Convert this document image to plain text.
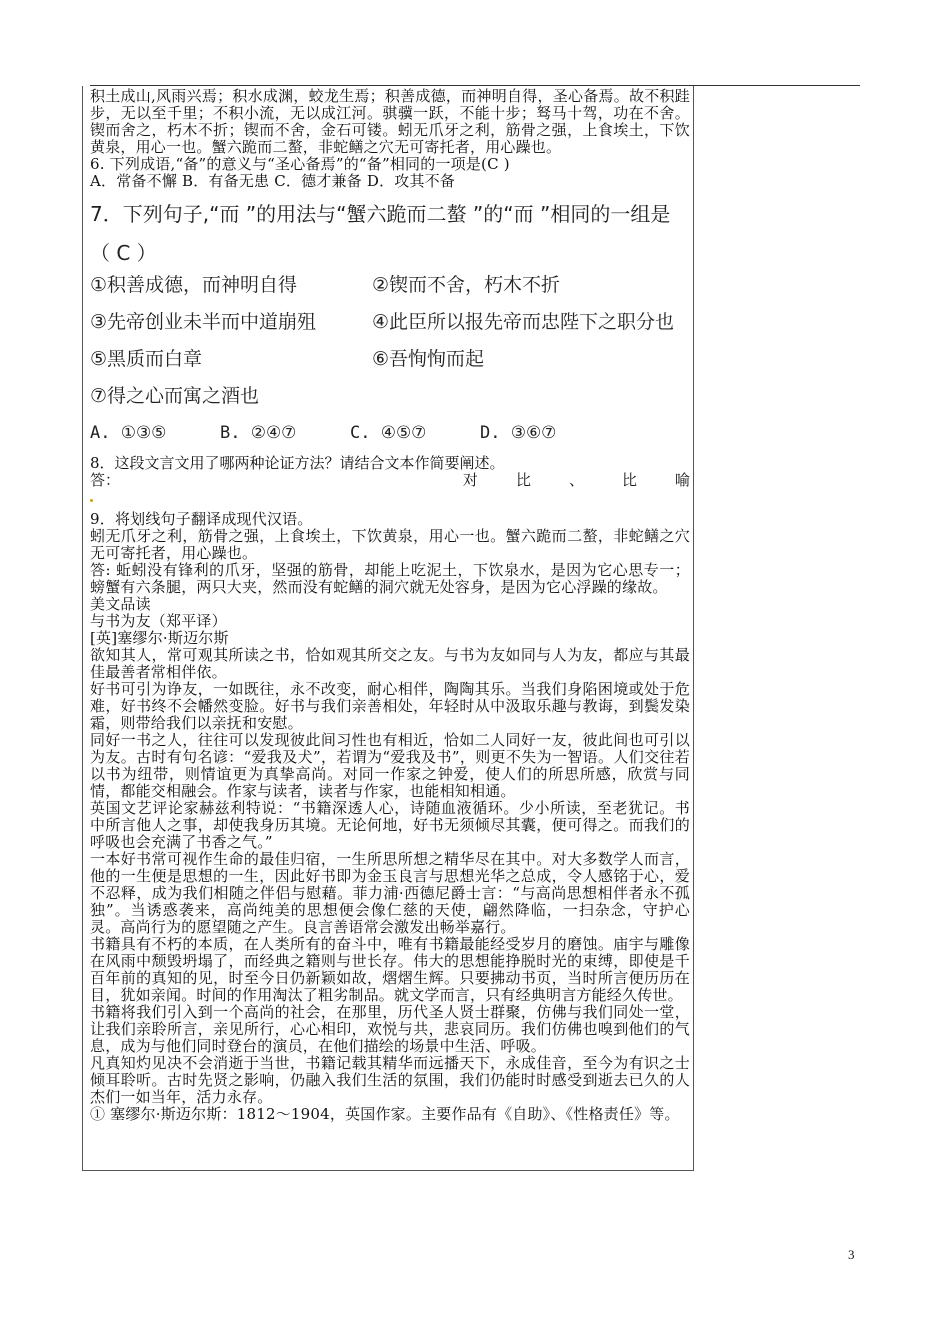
积土成山,风雨兴焉；积水成渊，蛟龙生焉；积善成德，而神明自得，圣心备焉。故不积跬步，无以至千里；不积小流，无以成江河。骐骥一跃，不能十步；驽马十驾，功在不舍。锲而舍之，朽木不折；锲而不舍，金石可镂。蚓无爪牙之利，筋骨之强，上食埃土，下饮黄泉，用心一也。蟹六跪而二螯，非蛇鳝之穴无可寄托者，用心躁也。

6. 下列成语,“备”的意义与“圣心备焉”的“备”相同的一项是(C )

A．常备不懈 B．有备无患 C．德才兼备 D．攻其不备

7．下列句子,“而 ”的用法与“蟹六跪而二螯 ”的“而 ”相同的一组是

（ C ）

①积善成德，而神明自得	②锲而不舍，朽木不折
③先帝创业未半而中道崩殂	④此臣所以报先帝而忠陛下之职分也
⑤黑质而白章	⑥吾恂恂而起
⑦得之心而寓之酒也
A. ①③⑤	B. ②④⑦	C. ④⑤⑦	D. ③⑥⑦

8．这段文言文用了哪两种论证方法？请结合文本作简要阐述。

答 ：	对	比	、	比	喻

9．将划线句子翻译成现代汉语。

蚓无爪牙之利，筋骨之强，上食埃土，下饮黄泉，用心一也。蟹六跪而二螯，非蛇鳝之穴无可寄托者，用心躁也。

答: 蚯蚓没有锋利的爪牙，坚强的筋骨，却能上吃泥土，下饮泉水，是因为它心思专一；螃蟹有六条腿，两只大夹，然而没有蛇鳝的洞穴就无处容身，是因为它心浮躁的缘故。

美文品读

与书为友（郑平译）

[英]塞缪尔·斯迈尔斯

欲知其人，常可观其所读之书，恰如观其所交之友。与书为友如同与人为友，都应与其最佳最善者常相伴依。

好书可引为诤友，一如既往，永不改变，耐心相伴，陶陶其乐。当我们身陷困境或处于危难，好书终不会幡然变脸。好书与我们亲善相处，年轻时从中汲取乐趣与教诲，到鬓发染霜，则带给我们以亲抚和安慰。

同好一书之人，往往可以发现彼此间习性也有相近，恰如二人同好一友，彼此间也可引以为友。古时有句名谚：“爱我及犬”，若谓为“爱我及书”，则更不失为一智语。人们交往若以书为纽带，则情谊更为真挚高尚。对同一作家之钟爱，使人们的所思所感，欣赏与同情，都能交相融会。作家与读者，读者与作家，也能相知相通。

英国文艺评论家赫兹利特说：“书籍深透人心，诗随血液循环。少小所读，至老犹记。书中所言他人之事，却使我身历其境。无论何地，好书无须倾尽其囊，便可得之。而我们的呼吸也会充满了书香之气。”

一本好书常可视作生命的最佳归宿，一生所思所想之精华尽在其中。对大多数学人而言，他的一生便是思想的一生，因此好书即为金玉良言与思想光华之总成，令人感铭于心，爱不忍释，成为我们相随之伴侣与慰藉。菲力浦·西德尼爵士言：“与高尚思想相伴者永不孤独”。当诱惑袭来，高尚纯美的思想便会像仁慈的天使，翩然降临，一扫杂念，守护心灵。高尚行为的愿望随之产生。良言善语常会激发出畅举嘉行。

书籍具有不朽的本质，在人类所有的奋斗中，唯有书籍最能经受岁月的磨蚀。庙宇与雕像在风雨中颓毁坍塌了，而经典之籍则与世长存。伟大的思想能挣脱时光的束缚，即使是千百年前的真知的见，时至今日仍新颖如故，熠熠生辉。只要拂动书页，当时所言便历历在目，犹如亲闻。时间的作用淘汰了粗劣制品。就文学而言，只有经典明言方能经久传世。

书籍将我们引入到一个高尚的社会，在那里，历代圣人贤士群聚，仿佛与我们同处一堂，让我们亲聆所言，亲见所行，心心相印，欢悦与共，悲哀同历。我们仿佛也嗅到他们的气息，成为与他们同时登台的演员，在他们描绘的场景中生活、呼吸。

凡真知灼见决不会消逝于当世，书籍记载其精华而远播天下，永成佳音，至今为有识之士倾耳聆听。古时先贤之影响，仍融入我们生活的氛围，我们仍能时时感受到逝去已久的人杰们一如当年，活力永存。

① 塞缪尔·斯迈尔斯：1812～1904，英国作家。主要作品有《自助》、《性格责任》等。

3
